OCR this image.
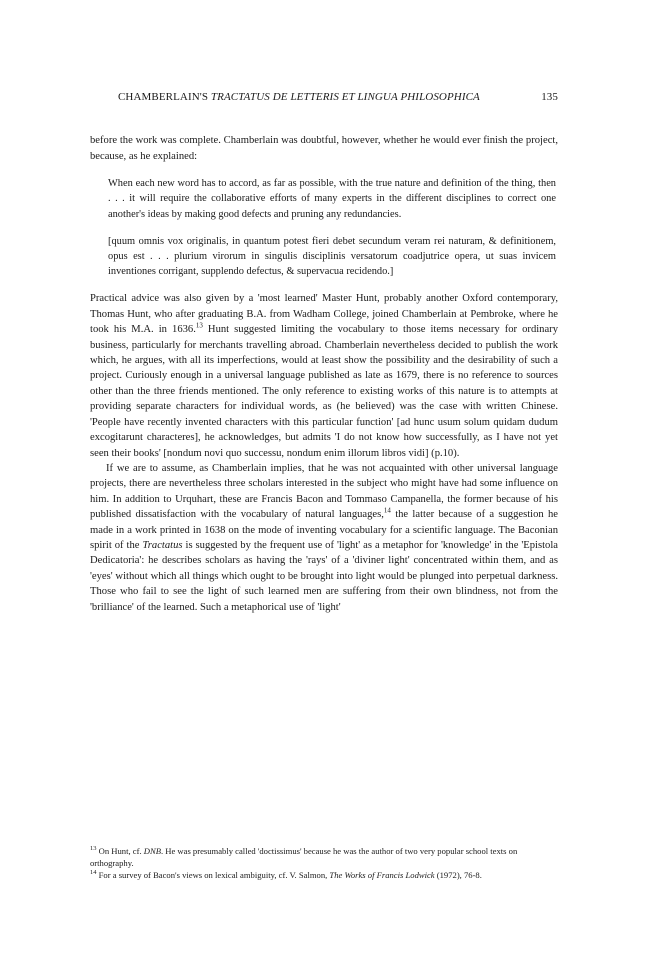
CHAMBERLAIN'S TRACTATUS DE LETTERIS ET LINGUA PHILOSOPHICA	135

before the work was complete. Chamberlain was doubtful, however, whether he would ever finish the project, because, as he explained:

When each new word has to accord, as far as possible, with the true nature and definition of the thing, then . . . it will require the collaborative efforts of many experts in the different disciplines to correct one another's ideas by making good defects and pruning any redundancies.
[quum omnis vox originalis, in quantum potest fieri debet secundum veram rei naturam, & definitionem, opus est . . . plurium virorum in singulis disciplinis versatorum coadjutrice opera, ut suas invicem inventiones corrigant, supplendo defectus, & supervacua recidendo.]

Practical advice was also given by a 'most learned' Master Hunt, probably another Oxford contemporary, Thomas Hunt, who after graduating B.A. from Wadham College, joined Chamberlain at Pembroke, where he took his M.A. in 1636.13 Hunt suggested limiting the vocabulary to those items necessary for ordinary business, particularly for merchants travelling abroad. Chamberlain nevertheless decided to publish the work which, he argues, with all its imperfections, would at least show the possibility and the desirability of such a project. Curiously enough in a universal language published as late as 1679, there is no reference to sources other than the three friends mentioned. The only reference to existing works of this nature is to attempts at providing separate characters for individual words, as (he believed) was the case with written Chinese. 'People have recently invented characters with this particular function' [ad hunc usum solum quidam dudum excogitarunt characteres], he acknowledges, but admits 'I do not know how successfully, as I have not yet seen their books' [nondum novi quo successu, nondum enim illorum libros vidi] (p.10).

If we are to assume, as Chamberlain implies, that he was not acquainted with other universal language projects, there are nevertheless three scholars interested in the subject who might have had some influence on him. In addition to Urquhart, these are Francis Bacon and Tommaso Campanella, the former because of his published dissatisfaction with the vocabulary of natural languages,$^{14}$ the latter because of a suggestion he made in a work printed in 1638 on the mode of inventing vocabulary for a scientific language. The Baconian spirit of the Tractatus is suggested by the frequent use of 'light' as a metaphor for 'knowledge' in the 'Epistola Dedicatoria': he describes scholars as having the 'rays' of a 'diviner light' concentrated within them, and as 'eyes' without which all things which ought to be brought into light would be plunged into perpetual darkness. Those who fail to see the light of such learned men are suffering from their own blindness, not from the 'brilliance' of the learned. Such a metaphorical use of 'light'

$^{13}$ On Hunt, cf. DNB. He was presumably called 'doctissimus' because he was the author of two very popular school texts on orthography.

$^{14}$ For a survey of Bacon's views on lexical ambiguity, cf. V. Salmon, The Works of Francis Lodwick (1972), 76-8.
